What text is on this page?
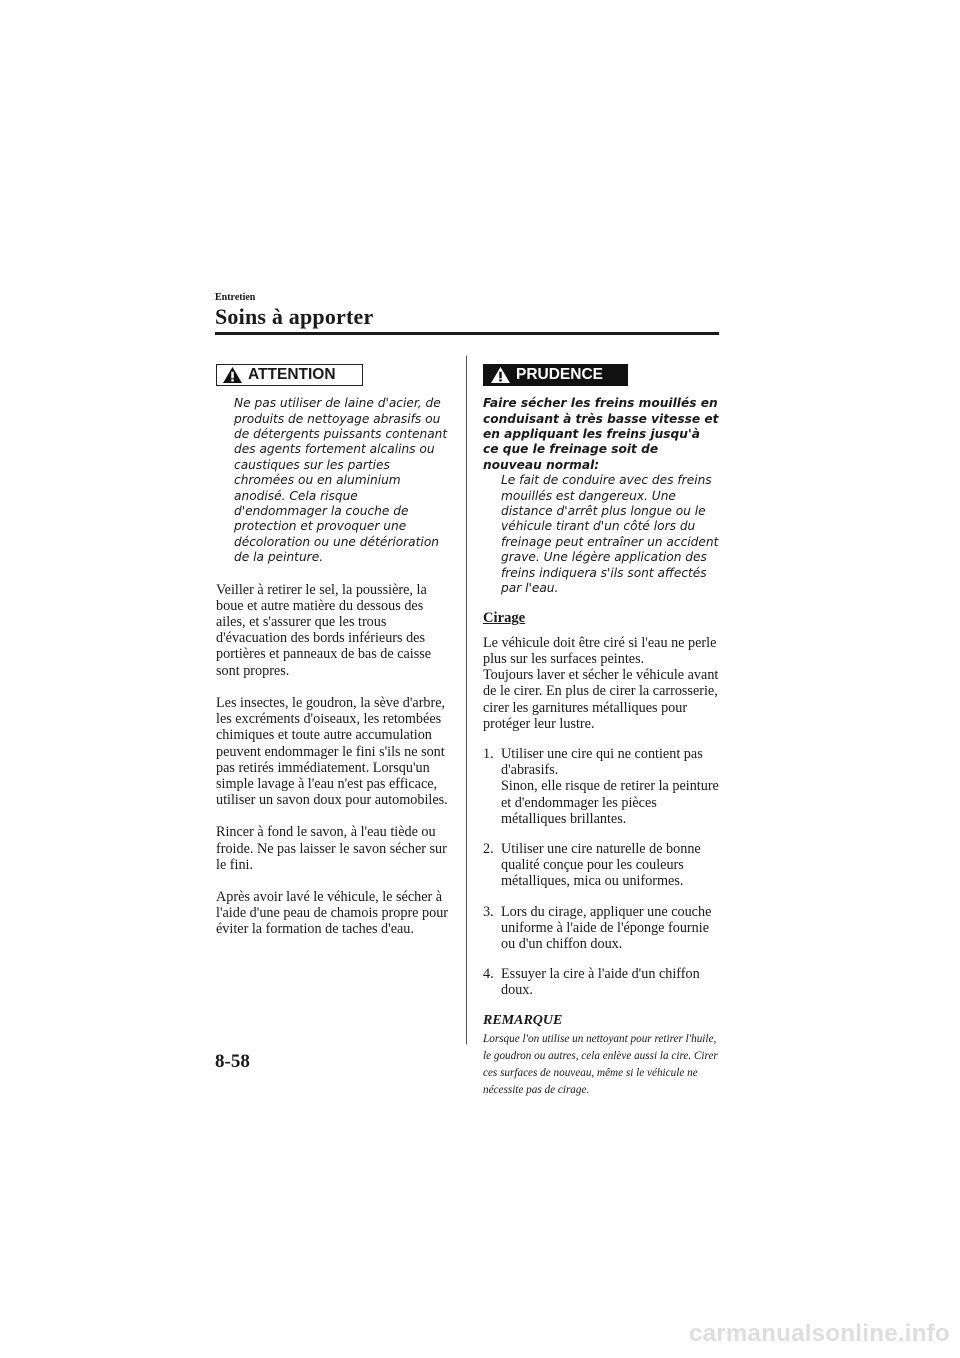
Entretien
Soins à apporter
ATTENTION

Ne pas utiliser de laine d'acier, de produits de nettoyage abrasifs ou de détergents puissants contenant des agents fortement alcalins ou caustiques sur les parties chromées ou en aluminium anodisé. Cela risque d'endommager la couche de protection et provoquer une décoloration ou une détérioration de la peinture.

Veiller à retirer le sel, la poussière, la boue et autre matière du dessous des ailes, et s'assurer que les trous d'évacuation des bords inférieurs des portières et panneaux de bas de caisse sont propres.

Les insectes, le goudron, la sève d'arbre, les excréments d'oiseaux, les retombées chimiques et toute autre accumulation peuvent endommager le fini s'ils ne sont pas retirés immédiatement. Lorsqu'un simple lavage à l'eau n'est pas efficace, utiliser un savon doux pour automobiles.

Rincer à fond le savon, à l'eau tiède ou froide. Ne pas laisser le savon sécher sur le fini.

Après avoir lavé le véhicule, le sécher à l'aide d'une peau de chamois propre pour éviter la formation de taches d'eau.

PRUDENCE

Faire sécher les freins mouillés en conduisant à très basse vitesse et en appliquant les freins jusqu'à ce que le freinage soit de nouveau normal:

Le fait de conduire avec des freins mouillés est dangereux. Une distance d'arrêt plus longue ou le véhicule tirant d'un côté lors du freinage peut entraîner un accident grave. Une légère application des freins indiquera s'ils sont affectés par l'eau.

Cirage

Le véhicule doit être ciré si l'eau ne perle plus sur les surfaces peintes.

Toujours laver et sécher le véhicule avant de le cirer. En plus de cirer la carrosserie, cirer les garnitures métalliques pour protéger leur lustre.

1. Utiliser une cire qui ne contient pas d'abrasifs.

Sinon, elle risque de retirer la peinture et d'endommager les pièces métalliques brillantes.

2. Utiliser une cire naturelle de bonne qualité conçue pour les couleurs métalliques, mica ou uniformes.

3. Lors du cirage, appliquer une couche uniforme à l'aide de l'éponge fournie ou d'un chiffon doux.

4. Essuyer la cire à l'aide d'un chiffon doux.

REMARQUE

Lorsque l'on utilise un nettoyant pour retirer l'huile, le goudron ou autres, cela enlève aussi la cire. Cirer ces surfaces de nouveau, même si le véhicule ne nécessite pas de cirage.

8-58
carmanualsonline.info
